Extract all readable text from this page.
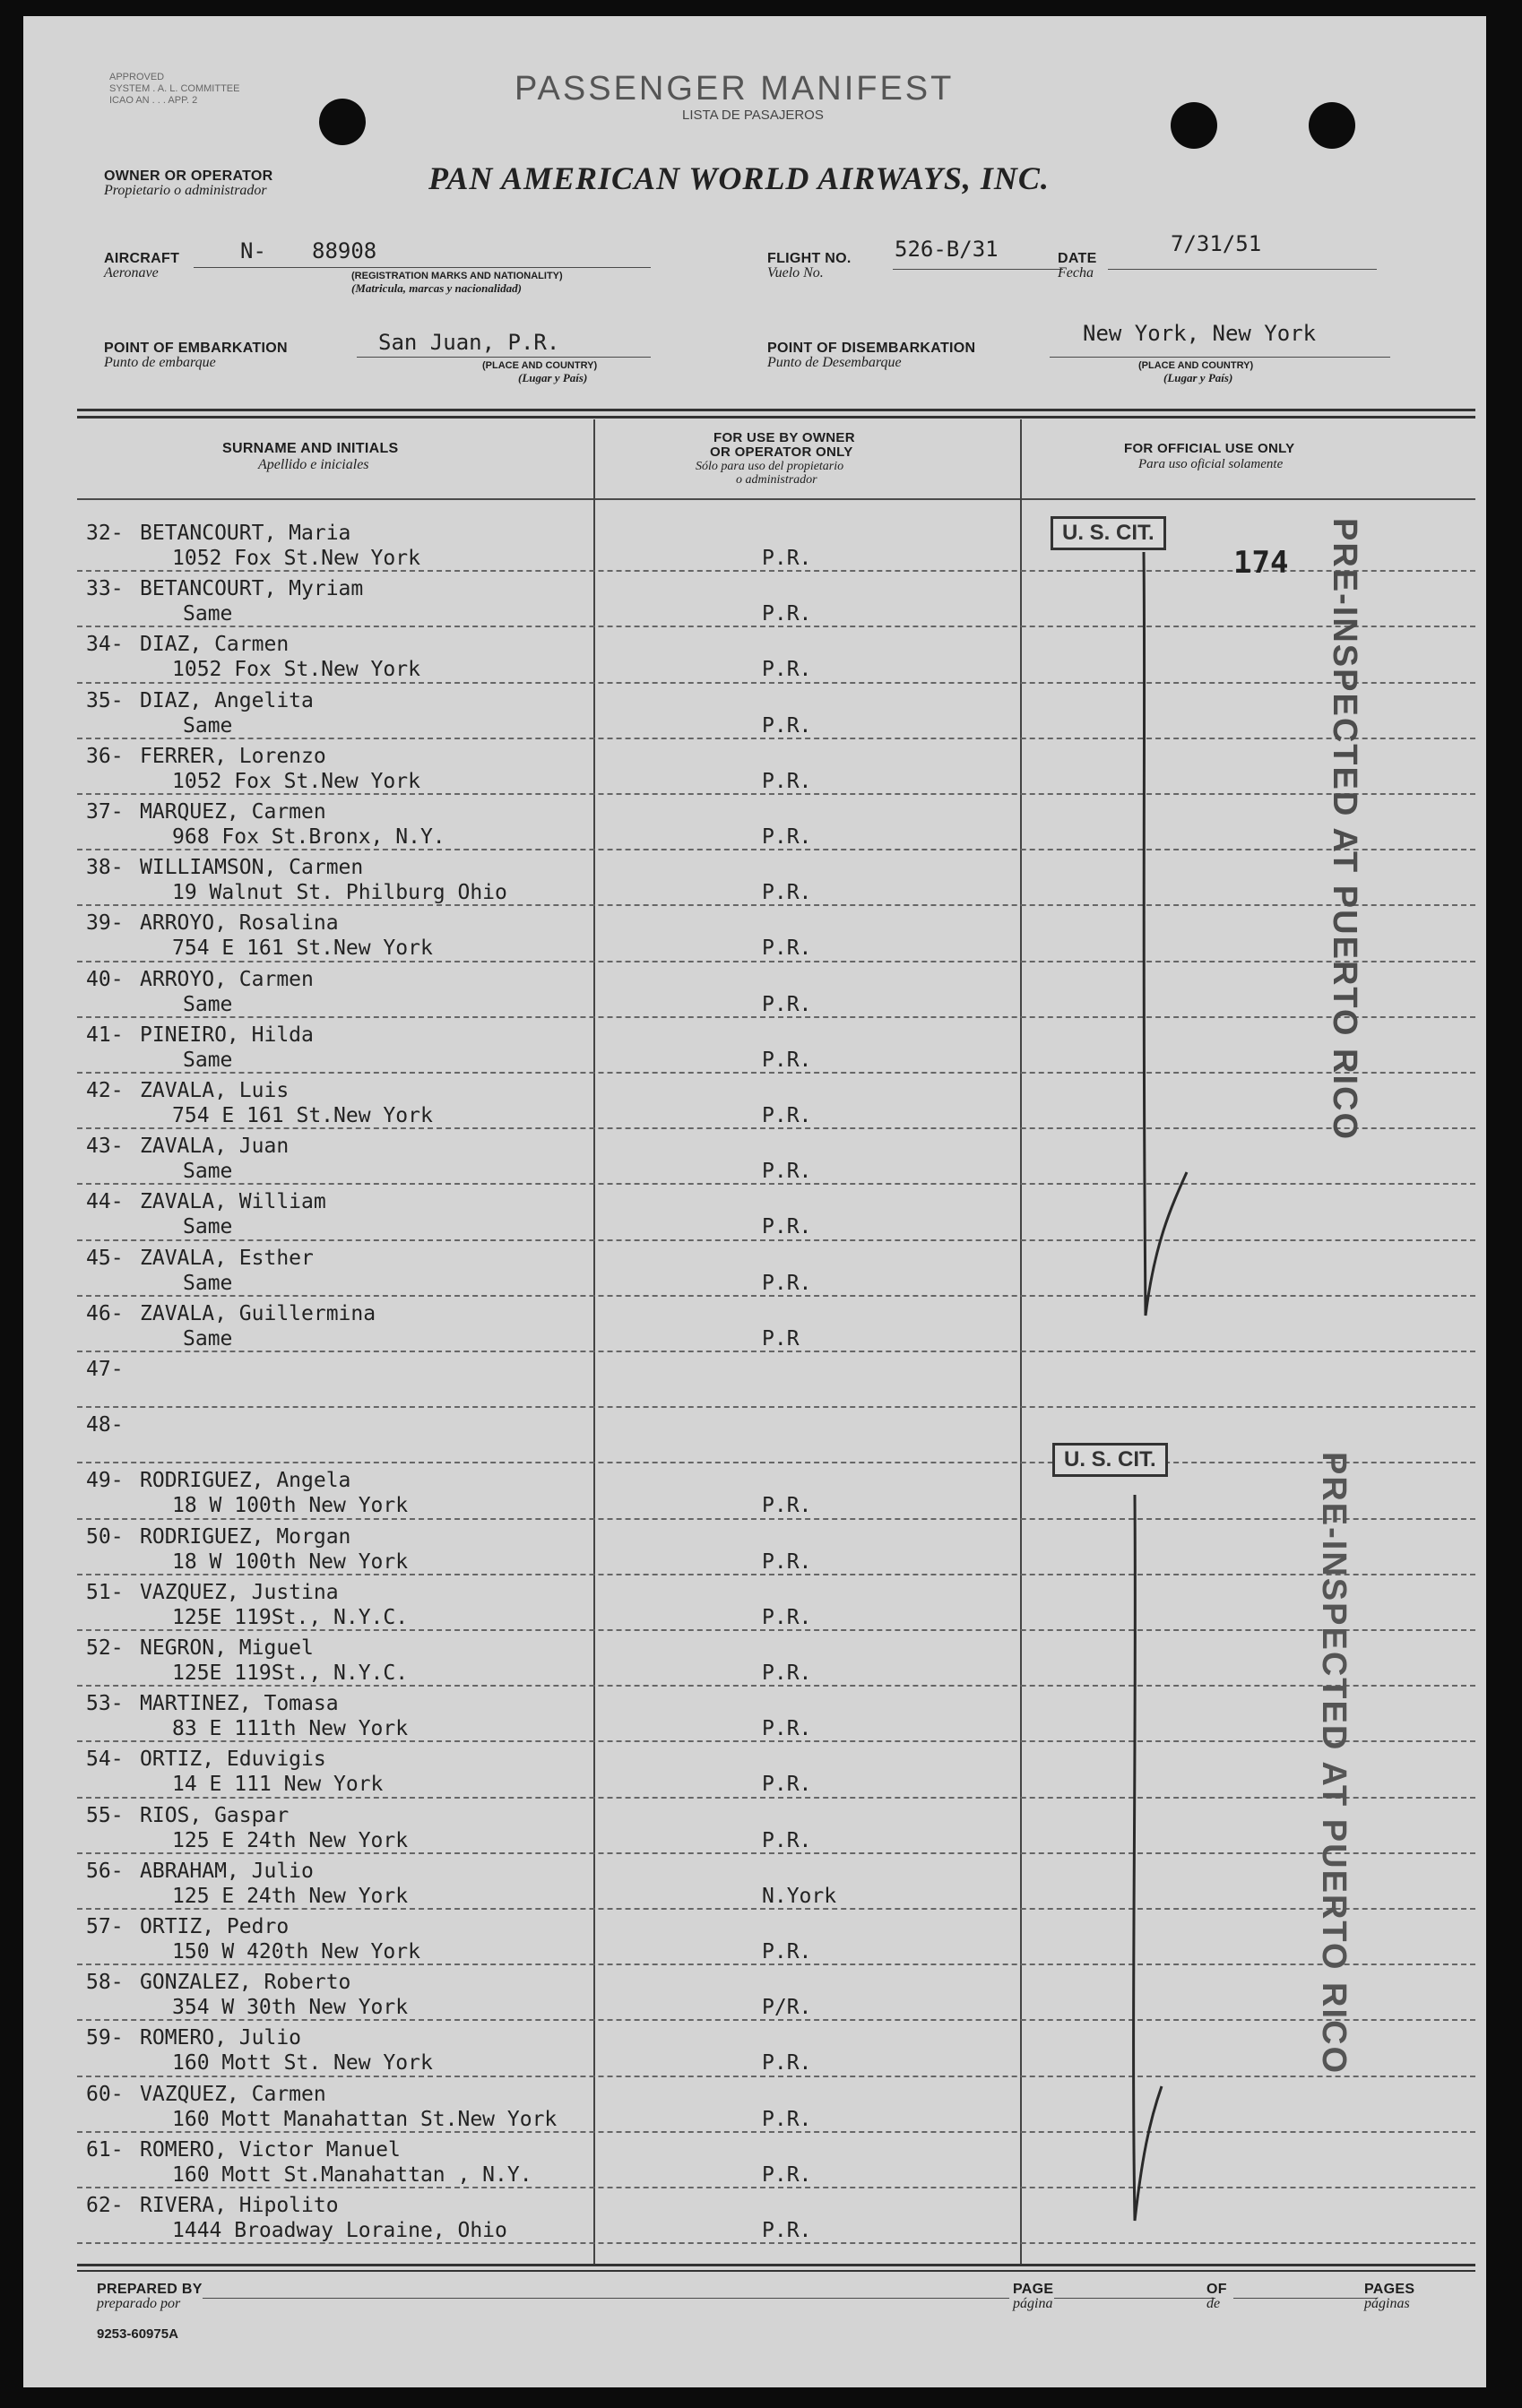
APPROVED
SYSTEM . A. L. COMMITTEE
ICAO AN . . . APP. 2	PASSENGER MANIFEST
LISTA DE PASAJEROS
OWNER OR OPERATOR
Propietario o administrador	PAN AMERICAN WORLD AIRWAYS, INC.
AIRCRAFT
Aeronave
N- 88908
(REGISTRATION MARKS AND NATIONALITY)
(Matricula, marcas y nacionalidad)
FLIGHT NO.
Vuelo No.
526-B/31	DATE
Fecha
7/31/51
POINT OF EMBARKATION
Punto de embarque
San Juan, P.R.
(PLACE AND COUNTRY)
(Lugar y País)
POINT OF DISEMBARKATION
Punto de Desembarque
New York, New York
(PLACE AND COUNTRY)
(Lugar y País)
SURNAME AND INITIALS
Apellido e iniciales
FOR USE BY OWNER
OR OPERATOR ONLY
Sólo para uso del propietario
o administrador
FOR OFFICIAL USE ONLY
Para uso oficial solamente
32- BETANCOURT, Maria
1052 Fox St.New York	P.R.
33- BETANCOURT, Myriam
Same	P.R.
34- DIAZ, Carmen
1052 Fox St.New York	P.R.
35- DIAZ, Angelita
Same	P.R.
36- FERRER, Lorenzo
1052 Fox St.New York	P.R.
37- MARQUEZ, Carmen
968 Fox St.Bronx, N.Y.	P.R.
38- WILLIAMSON, Carmen
19 Walnut St. Philburg Ohio	P.R.
39- ARROYO, Rosalina
754 E 161 St.New York	P.R.
40- ARROYO, Carmen
Same	P.R.
41- PINEIRO, Hilda
Same	P.R.
42- ZAVALA, Luis
754 E 161 St.New York	P.R.
43- ZAVALA, Juan
Same	P.R.
44- ZAVALA, William
Same	P.R.
45- ZAVALA, Esther
Same	P.R.
46- ZAVALA, Guillermina
Same	P.R
47-
48-
49- RODRIGUEZ, Angela
18 W 100th New York	P.R.
50- RODRIGUEZ, Morgan
18 W 100th New York	P.R.
51- VAZQUEZ, Justina
125E 119St., N.Y.C.	P.R.
52- NEGRON, Miguel
125E 119St., N.Y.C.	P.R.
53- MARTINEZ, Tomasa
83 E 111th New York	P.R.
54- ORTIZ, Eduvigis
14 E 111 New York	P.R.
55- RIOS, Gaspar
125 E 24th New York	P.R.
56- ABRAHAM, Julio
125 E 24th New York	N.York
57- ORTIZ, Pedro
150 W 420th New York	P.R.
58- GONZALEZ, Roberto
354 W 30th New York	P/R.
59- ROMERO, Julio
160 Mott St. New York	P.R.
60- VAZQUEZ, Carmen
160 Mott Manahattan St.New York	P.R.
61- ROMERO, Victor Manuel
160 Mott St.Manahattan , N.Y.	P.R.
62- RIVERA, Hipolito
1444 Broadway Loraine, Ohio	P.R.
U. S. CIT.
174 PRE-INSPECTED AT PUERTO RICO
U. S. CIT.	PRE-INSPECTED AT PUERTO RICO
PREPARED BY
preparado por
PAGE
página
OF
de
PAGES
páginas
9253-60975A
